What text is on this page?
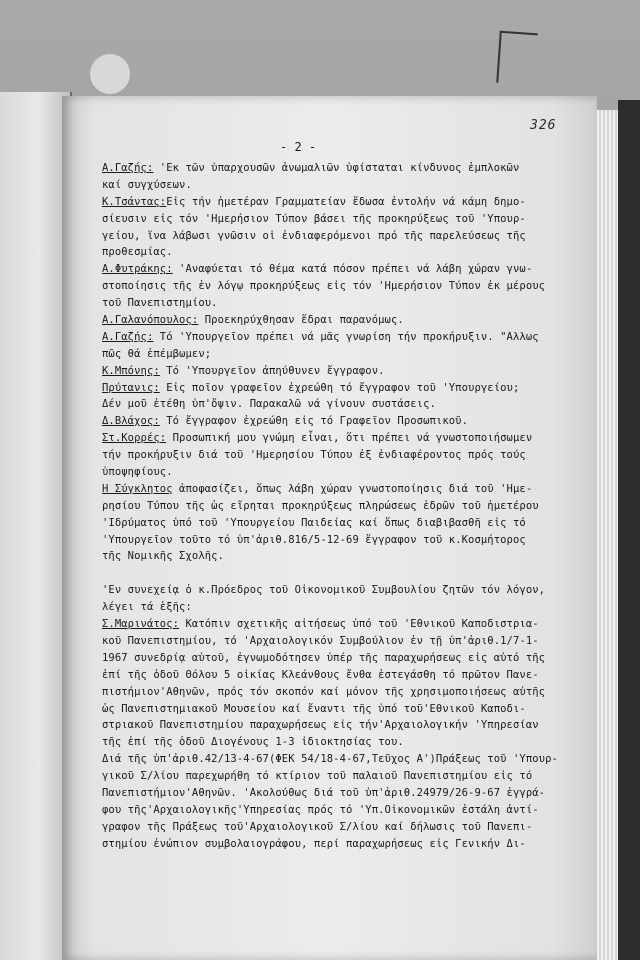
326
- 2 -
Α.Γαζής: 'Εκ τῶν ὑπαρχουσῶν ἀνωμαλιῶν ὑφίσταται κίνδυνος ἐμπλοκῶν
καί συγχύσεων.
Κ.Τσάντας:Εἰς τήν ἡμετέραν Γραμματείαν ἔδωσα ἐντολήν νά κάμη δημο-
σίευσιν εἰς τόν 'Ημερήσιον Τύπον βάσει τῆς προκηρύξεως τοῦ 'Υπουρ-
γείου, ἵνα λάβωσι γνῶσιν οἱ ἐνδιαφερόμενοι πρό τῆς παρελεύσεως τῆς
προθεσμίας.
Α.Φυτράκης: 'Αναφύεται τό θέμα κατά πόσον πρέπει νά λάβη χώραν γνω-
στοποίησις τῆς ἐν λόγῳ προκηρύξεως εἰς τόν 'Ημερήσιον Τύπον ἐκ μέρους
τοῦ Πανεπιστημίου.
Α.Γαλανόπουλος: Προεκηρύχθησαν ἕδραι παρανόμως.
Α.Γαζής: Τό 'Υπουργεῖον πρέπει νά μᾶς γνωρίση τήν προκήρυξιν. "Αλλως
πῶς θά ἐπέμβωμεν;
Κ.Μπόνης: Τό 'Υπουργεῖον ἀπηύθυνεν ἔγγραφον.
Πρύτανις: Εἰς ποῖον γραφεῖον ἐχρεώθη τό ἔγγραφον τοῦ 'Υπουργείου;
Δέν μοῦ ἐτέθη ὑπ'ὄψιν. Παρακαλῶ νά γίνουν συστάσεις.
Δ.Βλάχος: Τό ἔγγραφον ἐχρεώθη εἰς τό Γραφεῖον Προσωπικοῦ.
Στ.Κορρές: Προσωπική μου γνώμη εἶναι, ὅτι πρέπει νά γνωστοποιήσωμεν
τήν προκήρυξιν διά τοῦ 'Ημερησίου Τύπου ἐξ ἐνδιαφέροντος πρός τούς
ὑποψηφίους.
Η Σύγκλητος ἀποφασίζει, ὅπως λάβη χώραν γνωστοποίησις διά τοῦ 'Ημε-
ρησίου Τύπου τῆς ὡς εἴρηται προκηρύξεως πληρώσεως ἑδρῶν τοῦ ἡμετέρου
'Ιδρύματος ὑπό τοῦ 'Υπουργείου Παιδείας καί ὅπως διαβιβασθῆ εἰς τό
'Υπουργεῖον τοῦτο τό ὑπ'ἀριθ.816/5-12-69 ἔγγραφον τοῦ κ.Κοσμήτορος
τῆς Νομικῆς Σχολῆς.
- 'Εν συνεχείᾳ ὁ κ.Πρόεδρος τοῦ Οἰκονομικοῦ Συμβουλίου ζητῶν τόν λόγον,
λέγει τά ἑξῆς:
Σ.Μαρινάτος: Κατόπιν σχετικῆς αἰτήσεως ὑπό τοῦ 'Εθνικοῦ Καποδιστρια-
κοῦ Πανεπιστημίου, τό 'Αρχαιολογικόν Συμβούλιον ἐν τῇ ὑπ'ἀριθ.1/7-1-
1967 συνεδρίᾳ αὐτοῦ, ἐγνωμοδότησεν ὑπέρ τῆς παραχωρήσεως εἰς αὐτό τῆς
ἐπί τῆς ὁδοῦ Θόλου 5 οἰκίας Κλεάνθους ἔνθα ἐστεγάσθη τό πρῶτον Πανε-
πιστήμιον'Αθηνῶν, πρός τόν σκοπόν καί μόνον τῆς χρησιμοποιήσεως αὐτῆς
ὡς Πανεπιστημιακοῦ Μουσείου καί ἔναντι τῆς ὑπό τοῦ'Εθνικοῦ Καποδι-
στριακοῦ Πανεπιστημίου παραχωρήσεως εἰς τήν'Αρχαιολογικήν 'Υπηρεσίαν
τῆς ἐπί τῆς ὁδοῦ Διογένους 1-3 ἰδιοκτησίας του.
Διά τῆς ὑπ'ἀριθ.42/13-4-67(ΦΕΚ 54/18-4-67,Τεῦχος Α')Πράξεως τοῦ 'Υπουρ-
γικοῦ Σ/λίου παρεχωρήθη τό κτίριον τοῦ παλαιοῦ Πανεπιστημίου εἰς τό
Πανεπιστήμιον'Αθηνῶν. 'Ακολούθως διά τοῦ ὑπ'ἀριθ.24979/26-9-67 ἐγγρά-
φου τῆς'Αρχαιολογικῆς'Υπηρεσίας πρός τό 'Υπ.Οἰκονομικῶν ἐστάλη ἀντί-
γραφον τῆς Πράξεως τοῦ'Αρχαιολογικοῦ Σ/λίου καί δήλωσις τοῦ Πανεπι-
στημίου ἐνώπιον συμβολαιογράφου, περί παραχωρήσεως εἰς Γενικήν Δι-
